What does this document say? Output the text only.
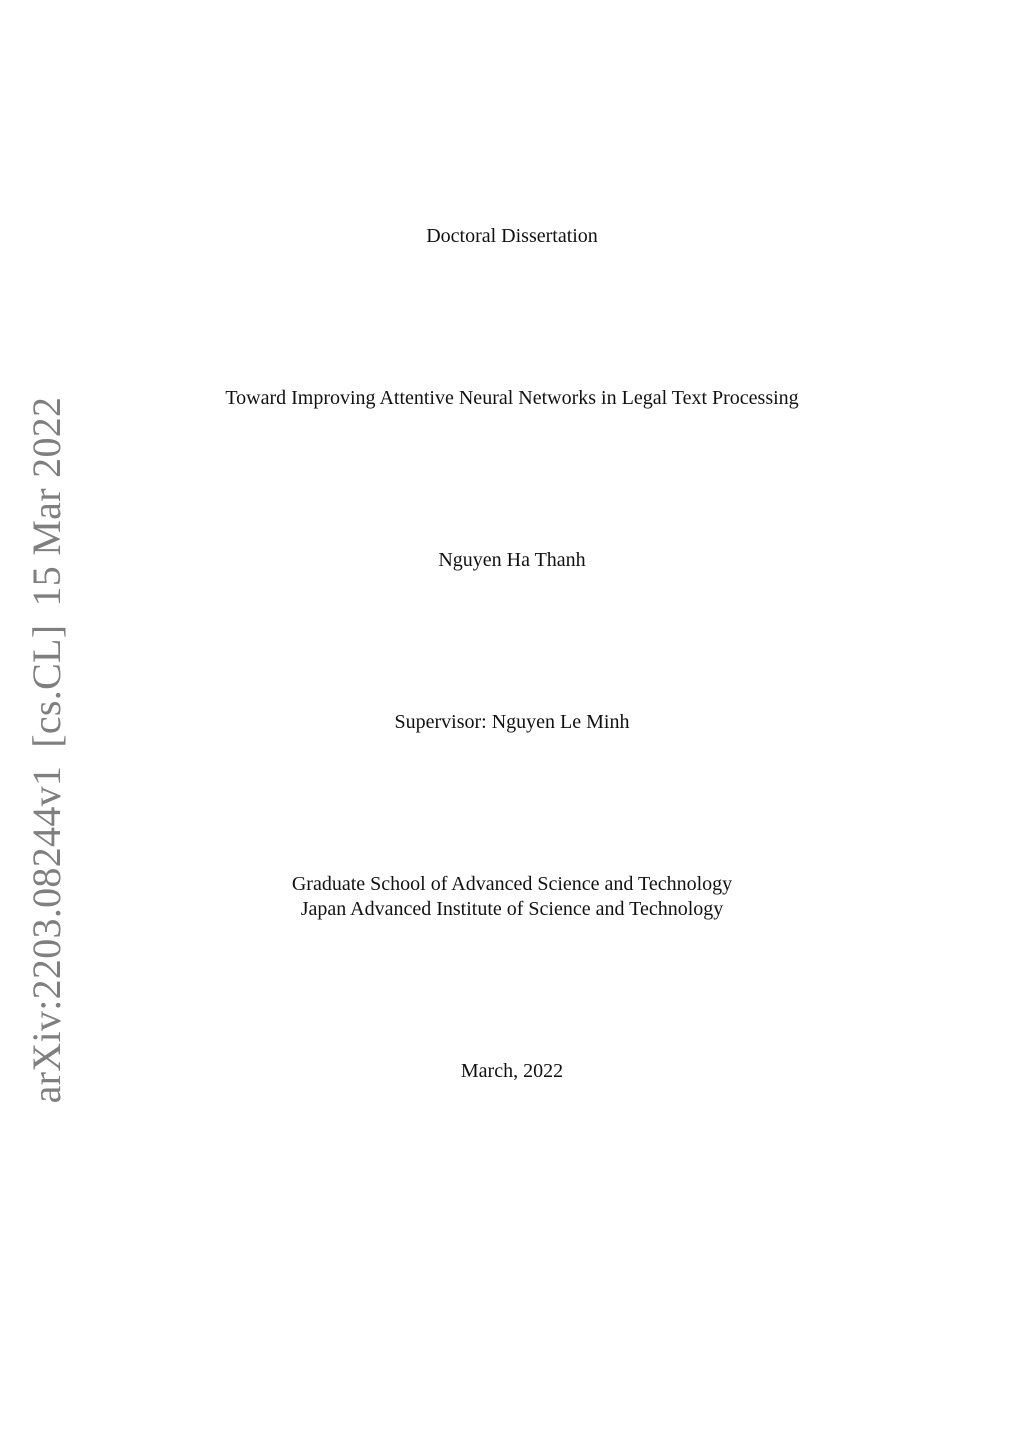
arXiv:2203.08244v1[cs.CL]15 Mar 2022
Doctoral Dissertation
Toward Improving Attentive Neural Networks in Legal Text Processing
Nguyen Ha Thanh
Supervisor: Nguyen Le Minh
Graduate School of Advanced Science and Technology
Japan Advanced Institute of Science and Technology
March, 2022
